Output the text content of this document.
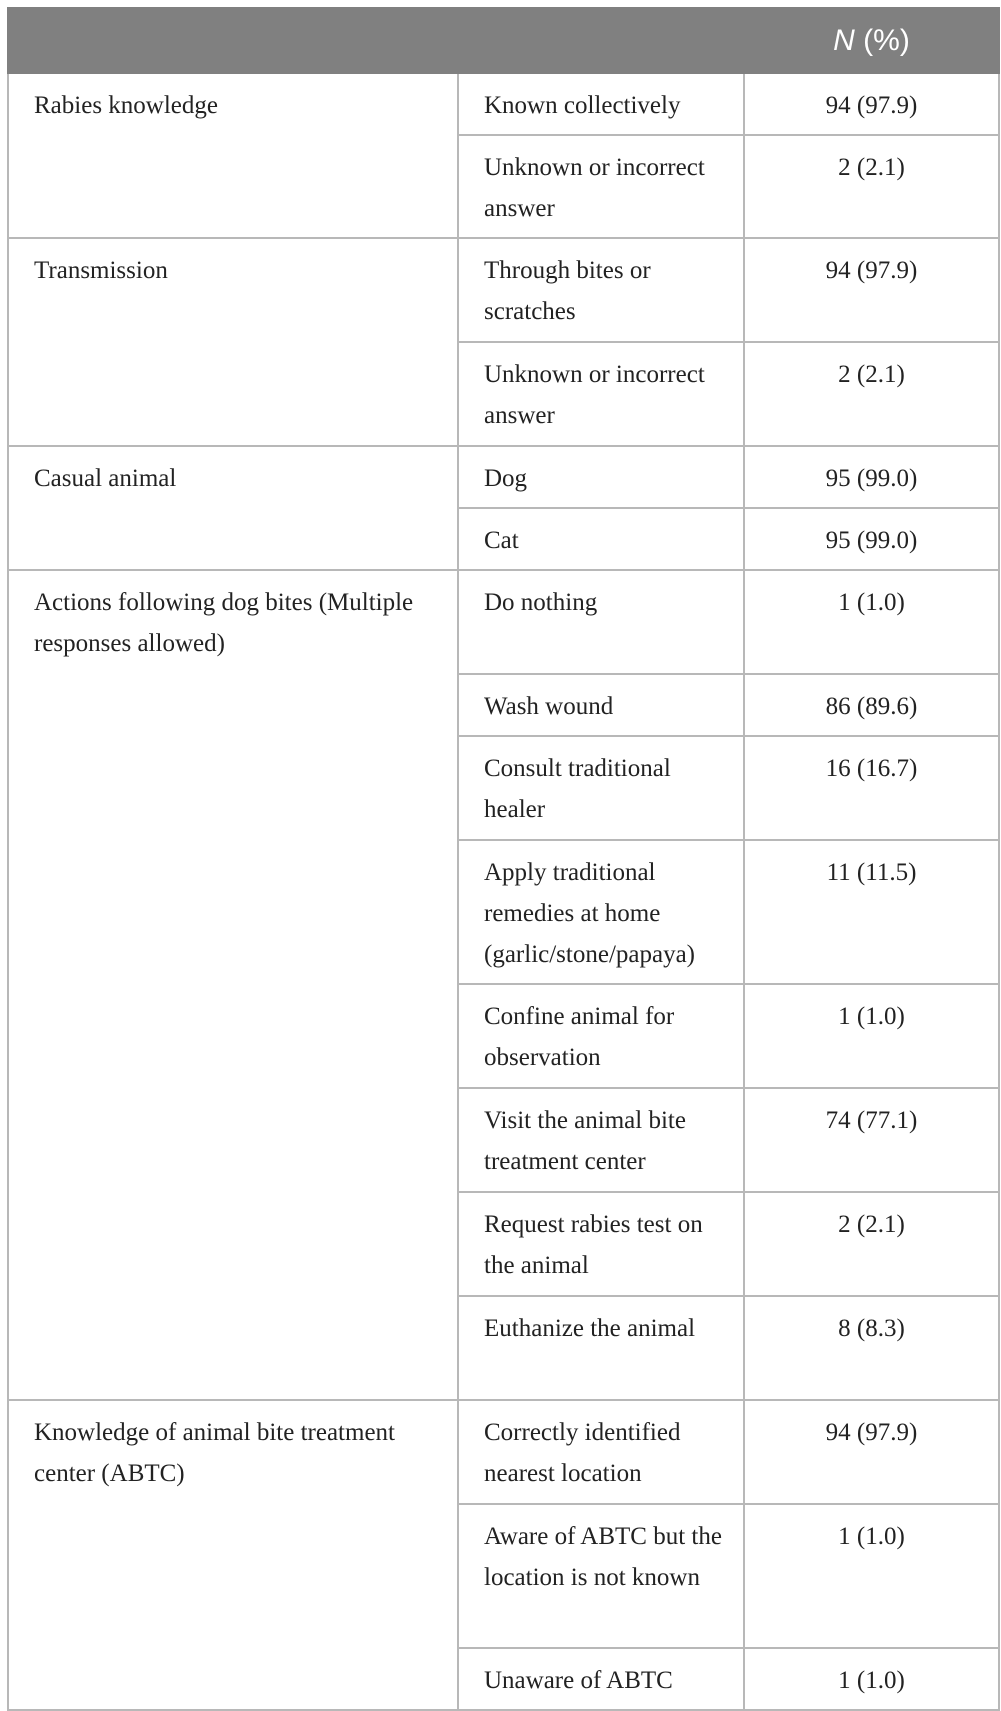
		N (%)
Rabies knowledge	Known collectively	94 (97.9)
	Unknown or incorrect answer	2 (2.1)
Transmission	Through bites or scratches	94 (97.9)
	Unknown or incorrect answer	2 (2.1)
Casual animal	Dog	95 (99.0)
	Cat	95 (99.0)
Actions following dog bites (Multiple responses allowed)	Do nothing	1 (1.0)
	Wash wound	86 (89.6)
	Consult traditional healer	16 (16.7)
	Apply traditional remedies at home (garlic/stone/papaya)	11 (11.5)
	Confine animal for observation	1 (1.0)
	Visit the animal bite treatment center	74 (77.1)
	Request rabies test on the animal	2 (2.1)
	Euthanize the animal	8 (8.3)
Knowledge of animal bite treatment center (ABTC)	Correctly identified nearest location	94 (97.9)
	Aware of ABTC but the location is not known	1 (1.0)
	Unaware of ABTC	1 (1.0)
